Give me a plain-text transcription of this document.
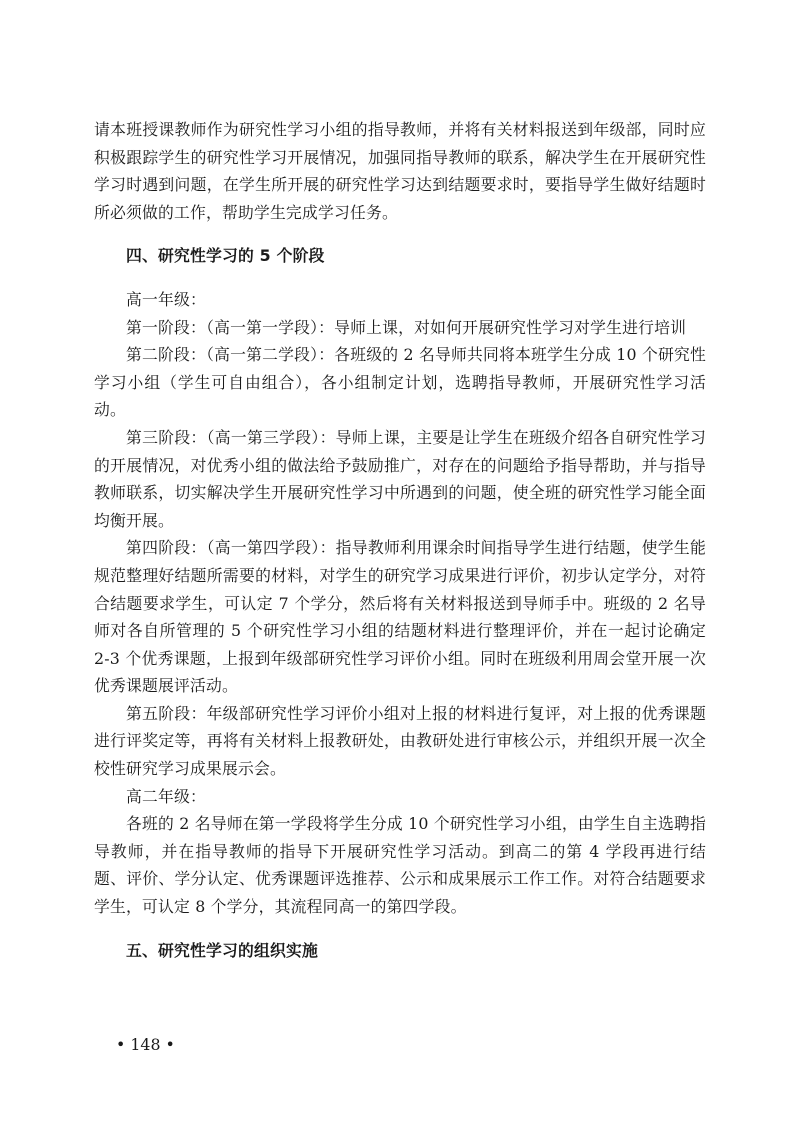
请本班授课教师作为研究性学习小组的指导教师，并将有关材料报送到年级部，同时应积极跟踪学生的研究性学习开展情况，加强同指导教师的联系，解决学生在开展研究性学习时遇到问题，在学生所开展的研究性学习达到结题要求时，要指导学生做好结题时所必须做的工作，帮助学生完成学习任务。

四、研究性学习的 5 个阶段

高一年级：

第一阶段：（高一第一学段）：导师上课，对如何开展研究性学习对学生进行培训

第二阶段：（高一第二学段）：各班级的 2 名导师共同将本班学生分成 10 个研究性学习小组（学生可自由组合），各小组制定计划，选聘指导教师，开展研究性学习活动。

第三阶段：（高一第三学段）：导师上课，主要是让学生在班级介绍各自研究性学习的开展情况，对优秀小组的做法给予鼓励推广，对存在的问题给予指导帮助，并与指导教师联系，切实解决学生开展研究性学习中所遇到的问题，使全班的研究性学习能全面均衡开展。

第四阶段：（高一第四学段）：指导教师利用课余时间指导学生进行结题，使学生能规范整理好结题所需要的材料，对学生的研究学习成果进行评价，初步认定学分，对符合结题要求学生，可认定 7 个学分，然后将有关材料报送到导师手中。班级的 2 名导师对各自所管理的 5 个研究性学习小组的结题材料进行整理评价，并在一起讨论确定 2-3 个优秀课题，上报到年级部研究性学习评价小组。同时在班级利用周会堂开展一次优秀课题展评活动。

第五阶段：年级部研究性学习评价小组对上报的材料进行复评，对上报的优秀课题进行评奖定等，再将有关材料上报教研处，由教研处进行审核公示，并组织开展一次全校性研究学习成果展示会。

高二年级：

各班的 2 名导师在第一学段将学生分成 10 个研究性学习小组，由学生自主选聘指导教师，并在指导教师的指导下开展研究性学习活动。到高二的第 4 学段再进行结题、评价、学分认定、优秀课题评选推荐、公示和成果展示工作工作。对符合结题要求学生，可认定 8 个学分，其流程同高一的第四学段。

五、研究性学习的组织实施
• 148 •
